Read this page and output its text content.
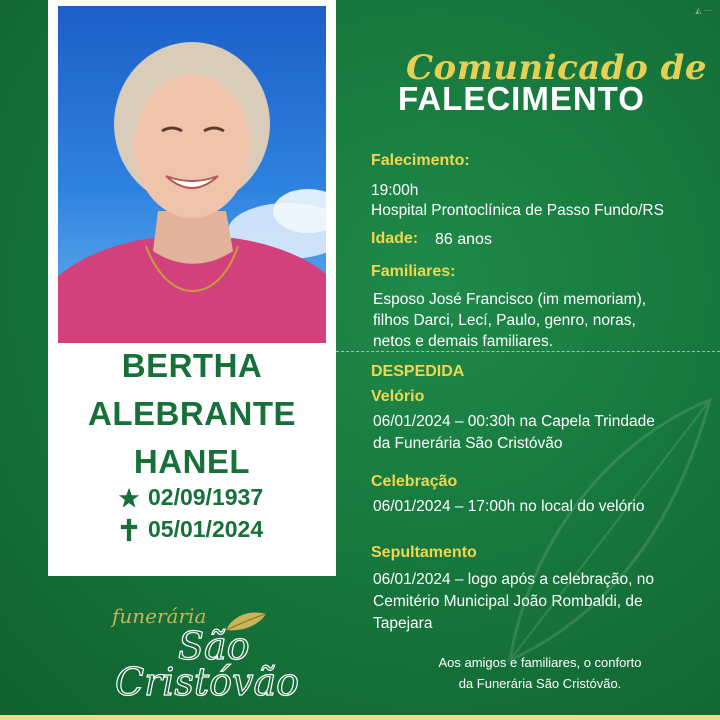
◭ ⋯
BERTHA
ALEBRANTE
HANEL
02/09/1937
05/01/2024
funerária
São
Cristóvão
Comunicado de
FALECIMENTO
Falecimento:
19:00h
Hospital Prontoclínica de Passo Fundo/RS
Idade: 86 anos
Familiares:
Esposo José Francisco (im memoriam),
filhos Darci, Lecí, Paulo, genro, noras,
netos e demais familiares.
DESPEDIDA
Velório
06/01/2024 – 00:30h na Capela Trindade
da Funerária São Cristóvão
Celebração
06/01/2024 – 17:00h no local do velório
Sepultamento
06/01/2024 – logo após a celebração, no
Cemitério Municipal João Rombaldi, de
Tapejara
Aos amigos e familiares, o conforto
da Funerária São Cristóvão.
